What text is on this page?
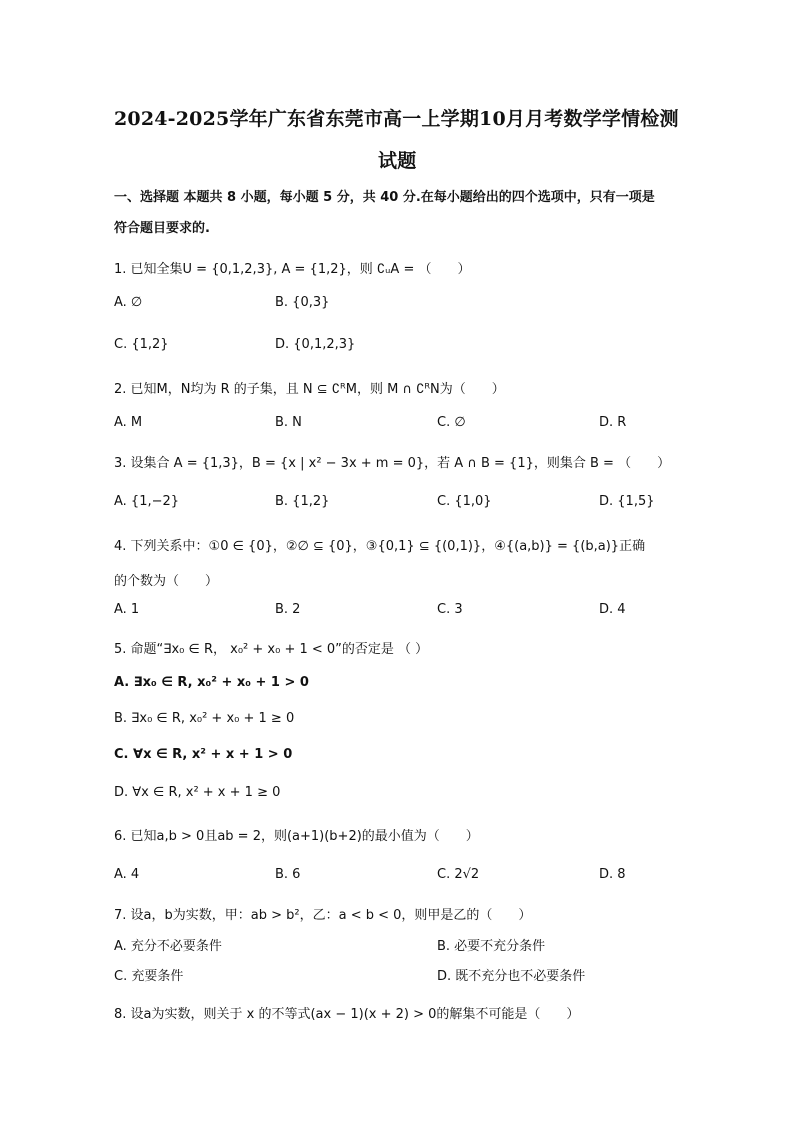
2024-2025学年广东省东莞市高一上学期10月月考数学学情检测
试题
一、选择题 本题共 8 小题，每小题 5 分，共 40 分.在每小题给出的四个选项中，只有一项是
符合题目要求的.
1. 已知全集U = {0,1,2,3}, A = {1,2}，则 ∁ᵤA = （　　）
A. ∅	B. {0,3}
C. {1,2}	D. {0,1,2,3}
2. 已知M，N均为 R 的子集，且 N ⊆ ∁ᴿM，则 M ∩ ∁ᴿN为（　　）
A. M	B. N	C. ∅	D. R
3. 设集合 A = {1,3}，B = {x | x² − 3x + m = 0}，若 A ∩ B = {1}，则集合 B = （　　）
A. {1,−2}	B. {1,2}	C. {1,0}	D. {1,5}
4. 下列关系中：①0 ∈ {0}，②∅ ⊆ {0}，③{0,1} ⊆ {(0,1)}，④{(a,b)} = {(b,a)}正确
的个数为（　　）
A. 1	B. 2	C. 3	D. 4
5. 命题“∃x₀ ∈ R， x₀² + x₀ + 1 < 0”的否定是 （ ）
A. ∃x₀ ∈ R, x₀² + x₀ + 1 > 0
B. ∃x₀ ∈ R, x₀² + x₀ + 1 ≥ 0
C. ∀x ∈ R, x² + x + 1 > 0
D. ∀x ∈ R, x² + x + 1 ≥ 0
6. 已知a,b > 0且ab = 2，则(a+1)(b+2)的最小值为（　　）
A. 4	B. 6	C. 2√2	D. 8
7. 设a，b为实数，甲：ab > b²，乙：a < b < 0，则甲是乙的（　　）
A. 充分不必要条件	B. 必要不充分条件
C. 充要条件	D. 既不充分也不必要条件
8. 设a为实数，则关于 x 的不等式(ax − 1)(x + 2) > 0的解集不可能是（　　）
